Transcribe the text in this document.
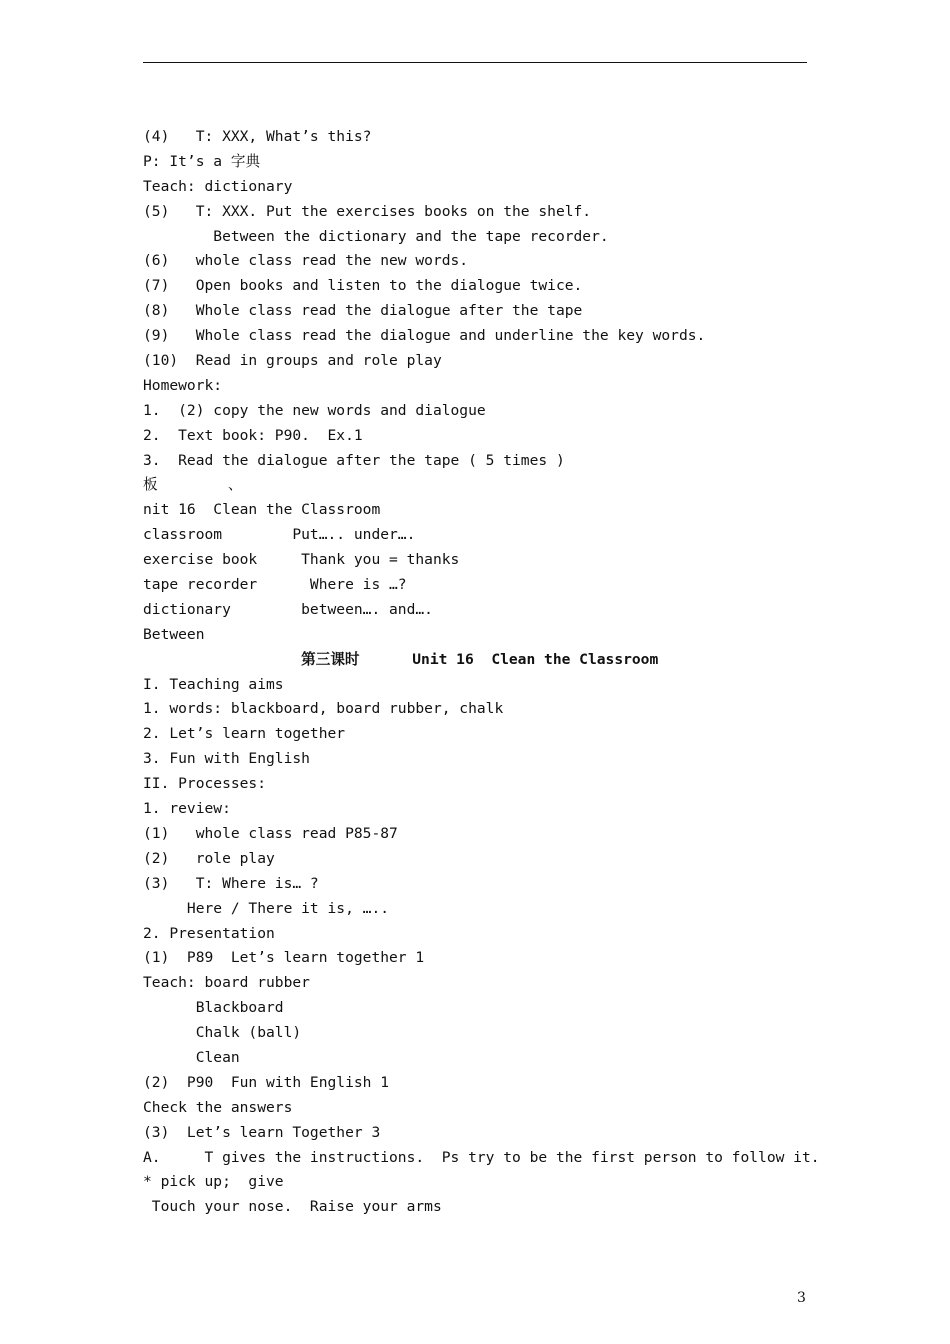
(4)   T: XXX, What’s this?
P: It’s a 字典
Teach: dictionary
(5)   T: XXX. Put the exercises books on the shelf.
Between the dictionary and the tape recorder.
(6)   whole class read the new words.
(7)   Open books and listen to the dialogue twice.
(8)   Whole class read the dialogue after the tape
(9)   Whole class read the dialogue and underline the key words.
(10)  Read in groups and role play
Homework:
1.  (2) copy the new words and dialogue
2.  Text book: P90.  Ex.1
3.  Read the dialogue after the tape ( 5 times )
板        、
nit 16  Clean the Classroom
classroom        Put….. under….
exercise book     Thank you = thanks
tape recorder      Where is …?
dictionary        between…. and….
Between
第三课时      Unit 16  Clean the Classroom
I. Teaching aims
1. words: blackboard, board rubber, chalk
2. Let’s learn together
3. Fun with English
II. Processes:
1. review:
(1)   whole class read P85-87
(2)   role play
(3)   T: Where is… ?
Here / There it is, …..
2. Presentation
(1)  P89  Let’s learn together 1
Teach: board rubber
Blackboard
Chalk (ball)
Clean
(2)  P90  Fun with English 1
Check the answers
(3)  Let’s learn Together 3
A.     T gives the instructions.  Ps try to be the first person to follow it.
* pick up;  give
Touch your nose.  Raise your arms
3
